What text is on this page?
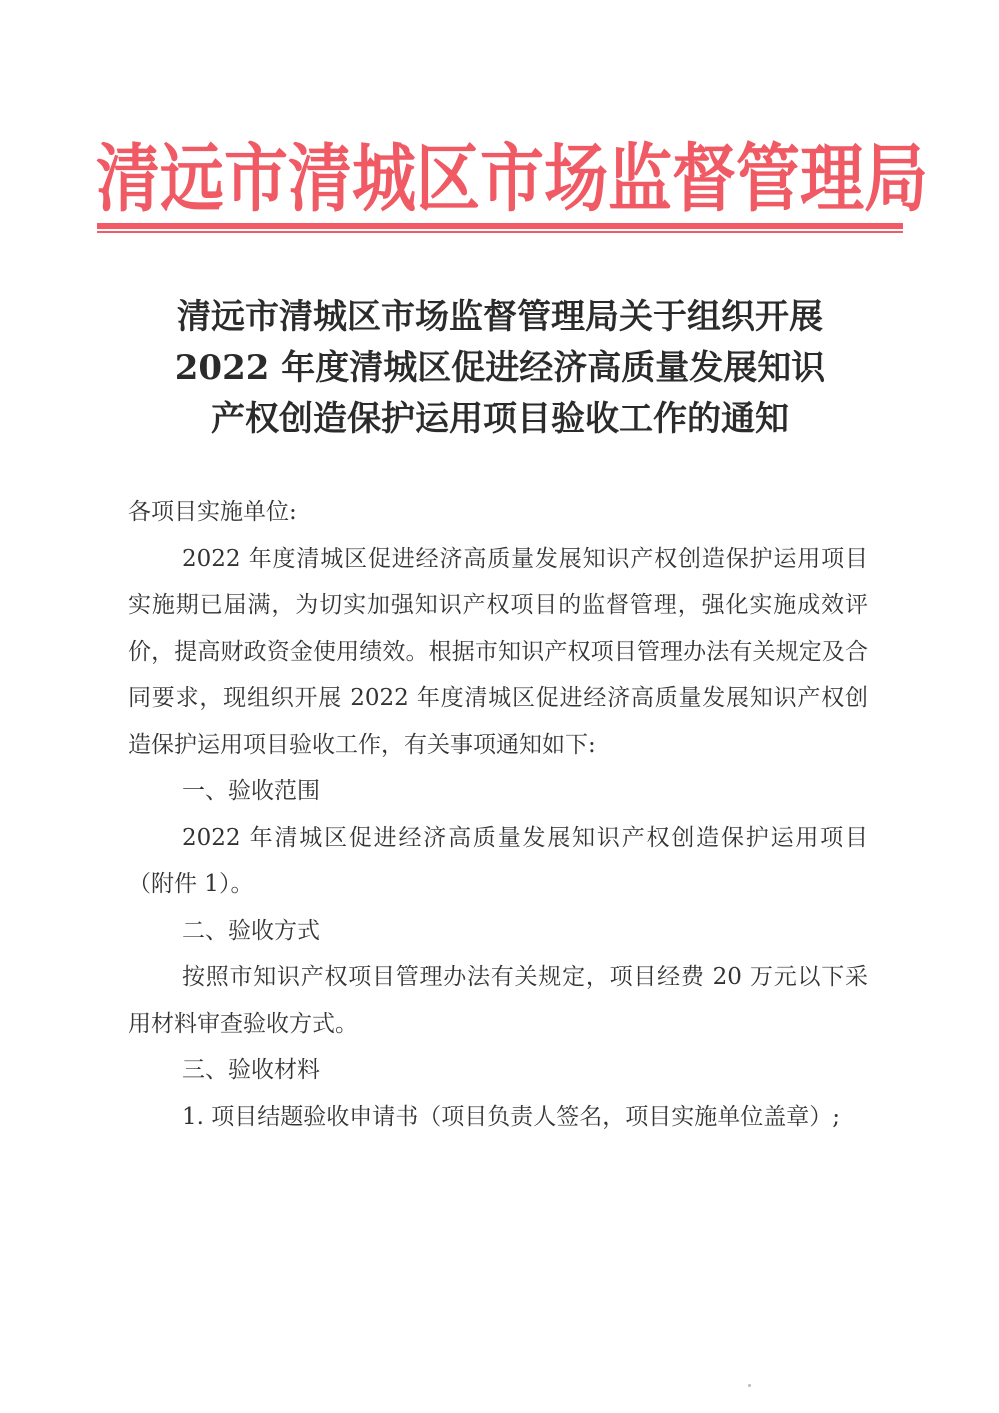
清远市清城区市场监督管理局
清远市清城区市场监督管理局关于组织开展
2022 年度清城区促进经济高质量发展知识
产权创造保护运用项目验收工作的通知

各项目实施单位:

2022 年度清城区促进经济高质量发展知识产权创造保护运用项目实施期已届满，为切实加强知识产权项目的监督管理，强化实施成效评价，提高财政资金使用绩效。根据市知识产权项目管理办法有关规定及合同要求，现组织开展 2022 年度清城区促进经济高质量发展知识产权创造保护运用项目验收工作，有关事项通知如下:

一、验收范围

2022 年清城区促进经济高质量发展知识产权创造保护运用项目（附件 1）。

二、验收方式

按照市知识产权项目管理办法有关规定，项目经费 20 万元以下采用材料审查验收方式。

三、验收材料

1. 项目结题验收申请书（项目负责人签名，项目实施单位盖章）;
